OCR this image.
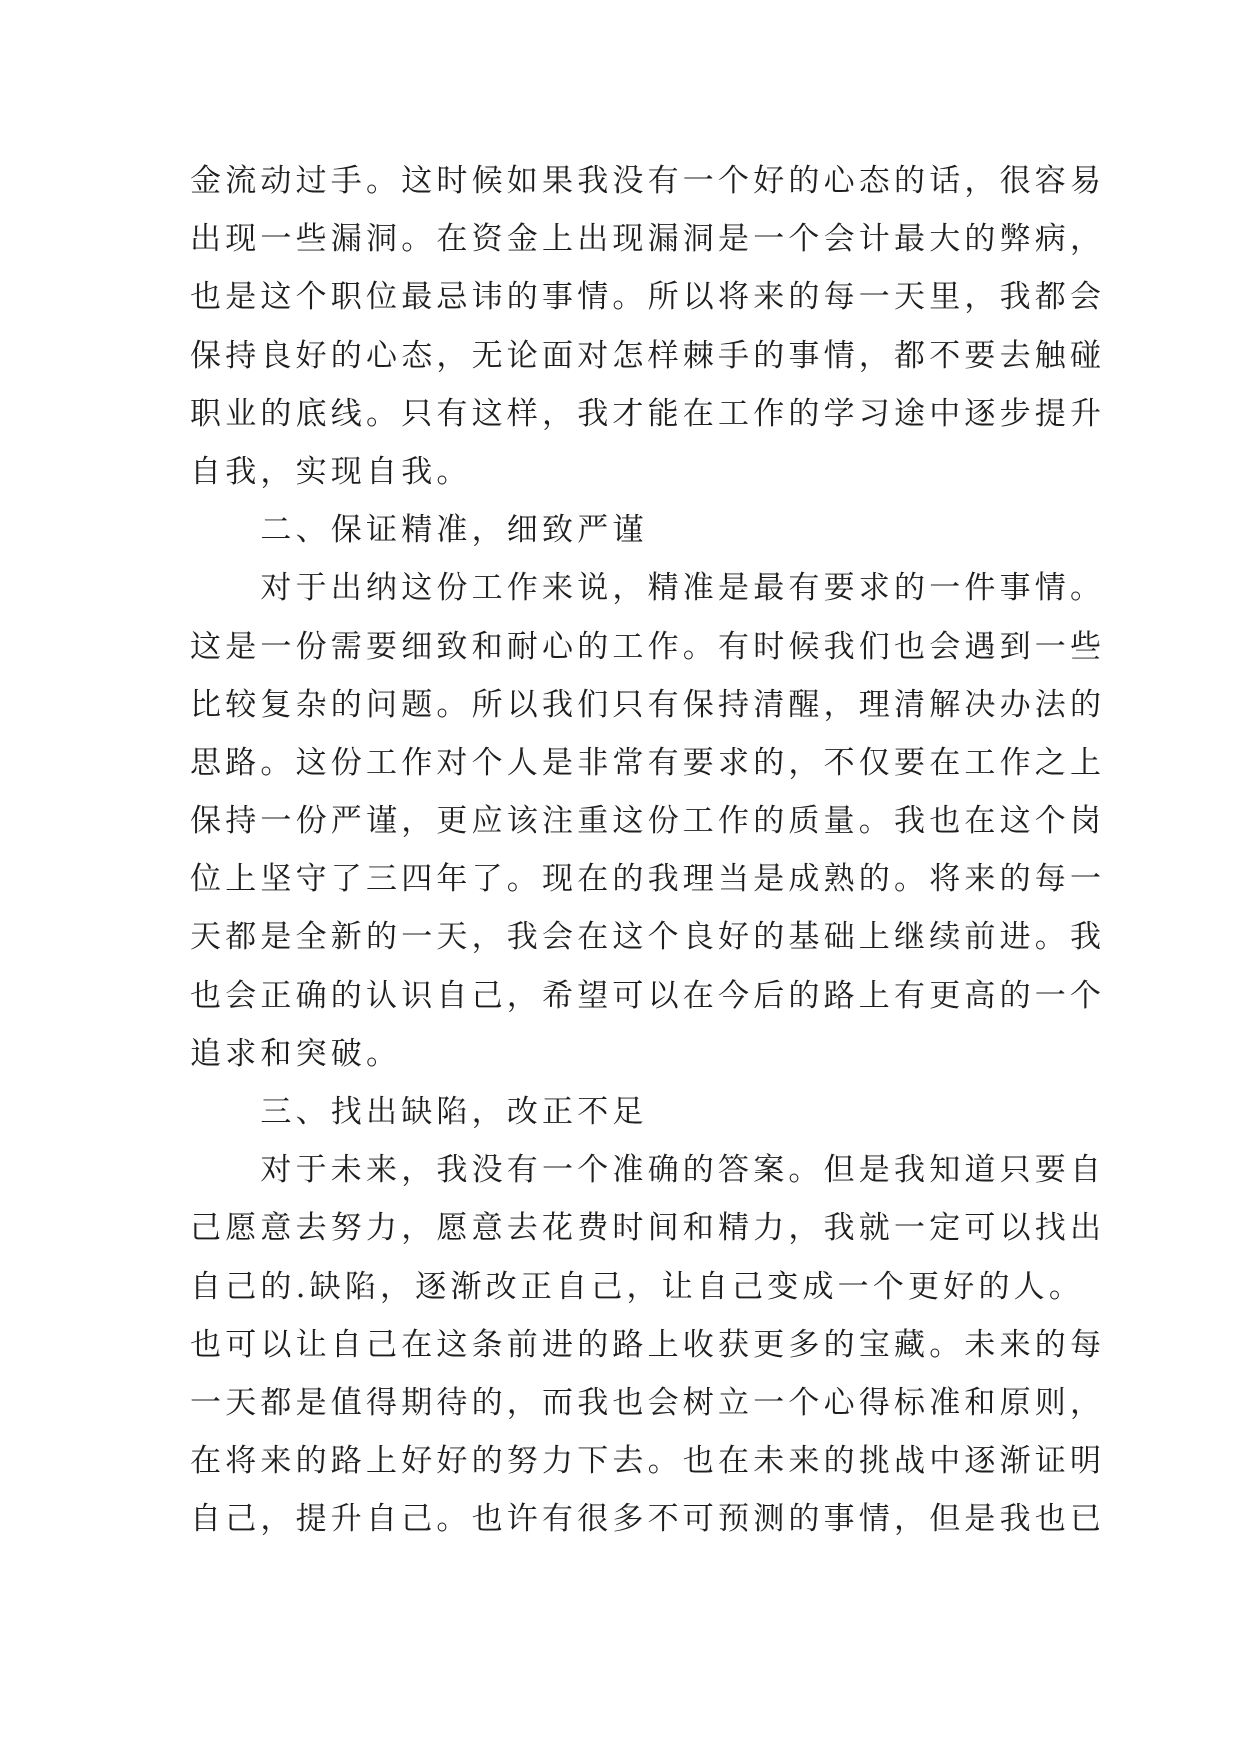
金流动过手。这时候如果我没有一个好的心态的话，很容易
出现一些漏洞。在资金上出现漏洞是一个会计最大的弊病，
也是这个职位最忌讳的事情。所以将来的每一天里，我都会
保持良好的心态，无论面对怎样棘手的事情，都不要去触碰
职业的底线。只有这样，我才能在工作的学习途中逐步提升
自我，实现自我。
　　二、保证精准，细致严谨
　　对于出纳这份工作来说，精准是最有要求的一件事情。
这是一份需要细致和耐心的工作。有时候我们也会遇到一些
比较复杂的问题。所以我们只有保持清醒，理清解决办法的
思路。这份工作对个人是非常有要求的，不仅要在工作之上
保持一份严谨，更应该注重这份工作的质量。我也在这个岗
位上坚守了三四年了。现在的我理当是成熟的。将来的每一
天都是全新的一天，我会在这个良好的基础上继续前进。我
也会正确的认识自己，希望可以在今后的路上有更高的一个
追求和突破。
　　三、找出缺陷，改正不足
　　对于未来，我没有一个准确的答案。但是我知道只要自
己愿意去努力，愿意去花费时间和精力，我就一定可以找出
自己的.缺陷，逐渐改正自己，让自己变成一个更好的人。
也可以让自己在这条前进的路上收获更多的宝藏。未来的每
一天都是值得期待的，而我也会树立一个心得标准和原则，
在将来的路上好好的努力下去。也在未来的挑战中逐渐证明
自己，提升自己。也许有很多不可预测的事情，但是我也已
